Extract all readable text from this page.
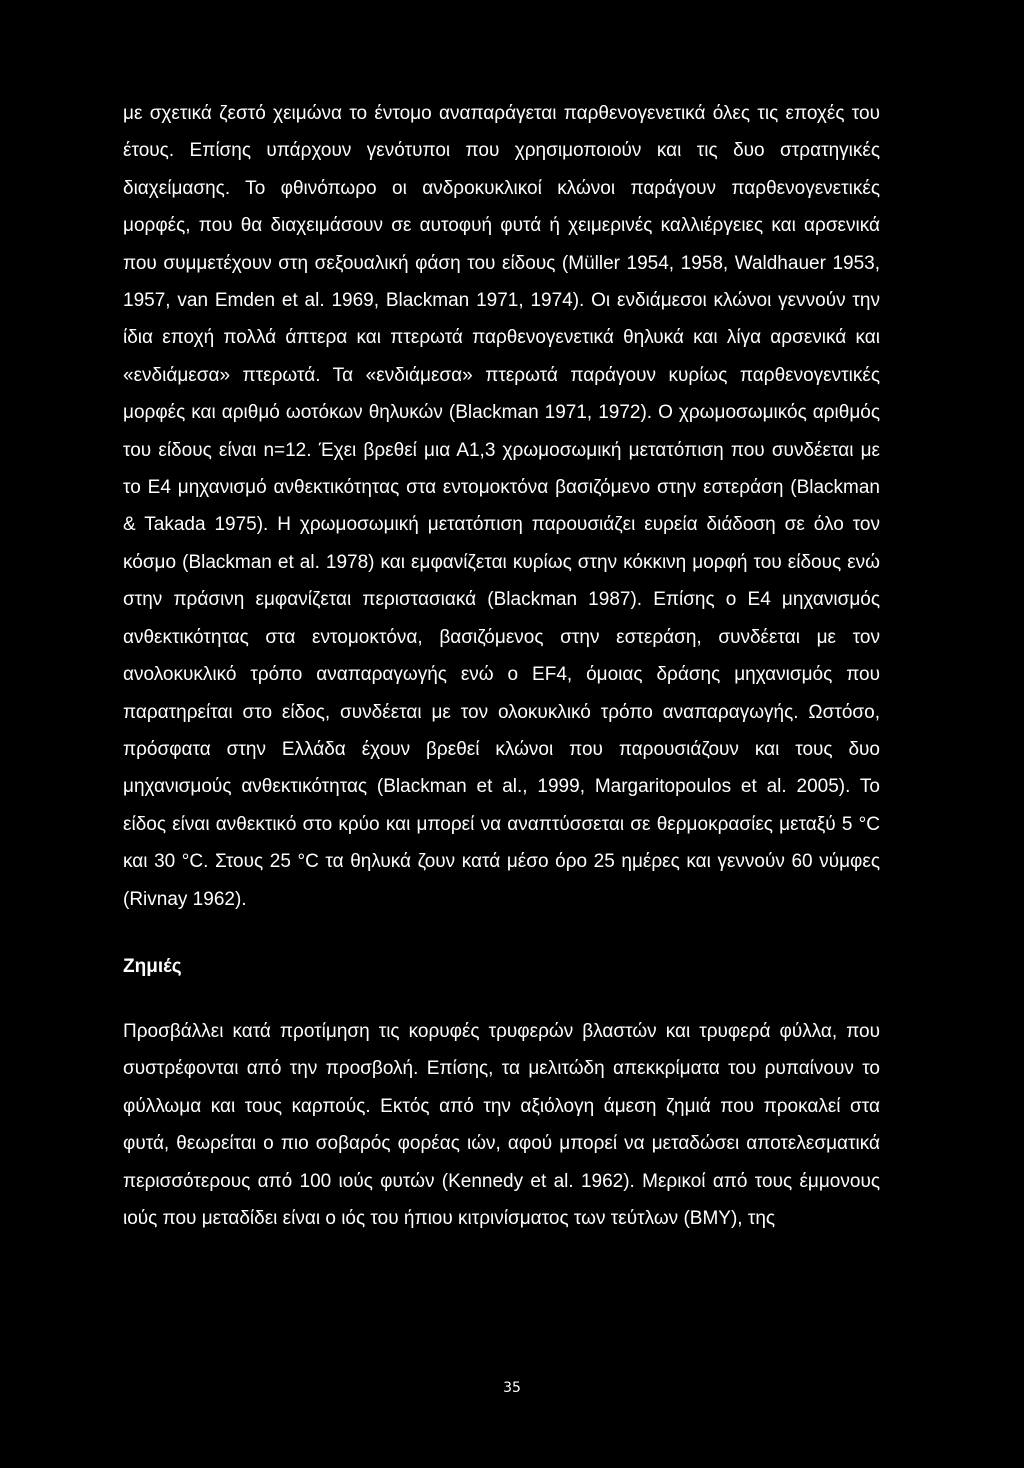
με σχετικά ζεστό χειμώνα το έντομο αναπαράγεται παρθενογενετικά όλες τις εποχές του έτους. Επίσης υπάρχουν γενότυποι που χρησιμοποιούν και τις δυο στρατηγικές διαχείμασης. Το φθινόπωρο οι ανδροκυκλικοί κλώνοι παράγουν παρθενογενετικές μορφές, που θα διαχειμάσουν σε αυτοφυή φυτά ή χειμερινές καλλιέργειες και αρσενικά που συμμετέχουν στη σεξουαλική φάση του είδους (Müller 1954, 1958, Waldhauer 1953, 1957, van Emden et al. 1969, Blackman 1971, 1974). Οι ενδιάμεσοι κλώνοι γεννούν την ίδια εποχή πολλά άπτερα και πτερωτά παρθενογενετικά θηλυκά και λίγα αρσενικά και «ενδιάμεσα» πτερωτά. Τα «ενδιάμεσα» πτερωτά παράγουν κυρίως παρθενογεντικές μορφές και αριθμό ωοτόκων θηλυκών (Blackman 1971, 1972). Ο χρωμοσωμικός αριθμός του είδους είναι n=12. Έχει βρεθεί μια Α1,3 χρωμοσωμική μετατόπιση που συνδέεται με το Ε4 μηχανισμό ανθεκτικότητας στα εντομοκτόνα βασιζόμενο στην εστεράση (Blackman & Takada 1975). Η χρωμοσωμική μετατόπιση παρουσιάζει ευρεία διάδοση σε όλο τον κόσμο (Blackman et al. 1978) και εμφανίζεται κυρίως στην κόκκινη μορφή του είδους ενώ στην πράσινη εμφανίζεται περιστασιακά (Blackman 1987). Επίσης ο Ε4 μηχανισμός ανθεκτικότητας στα εντομοκτόνα, βασιζόμενος στην εστεράση, συνδέεται με τον ανολοκυκλικό τρόπο αναπαραγωγής ενώ ο EF4, όμοιας δράσης μηχανισμός που παρατηρείται στο είδος, συνδέεται με τον ολοκυκλικό τρόπο αναπαραγωγής. Ωστόσο, πρόσφατα στην Ελλάδα έχουν βρεθεί κλώνοι που παρουσιάζουν και τους δυο μηχανισμούς ανθεκτικότητας (Blackman et al., 1999, Margaritopoulos et al. 2005). Το είδος είναι ανθεκτικό στο κρύο και μπορεί να αναπτύσσεται σε θερμοκρασίες μεταξύ 5 °C και 30 °C. Στους 25 °C τα θηλυκά ζουν κατά μέσο όρο 25 ημέρες και γεννούν 60 νύμφες (Rivnay 1962).

Ζημιές

Προσβάλλει κατά προτίμηση τις κορυφές τρυφερών βλαστών και τρυφερά φύλλα, που συστρέφονται από την προσβολή. Επίσης, τα μελιτώδη απεκκρίματα του ρυπαίνουν το φύλλωμα και τους καρπούς. Εκτός από την αξιόλογη άμεση ζημιά που προκαλεί στα φυτά, θεωρείται ο πιο σοβαρός φορέας ιών, αφού μπορεί να μεταδώσει αποτελεσματικά περισσότερους από 100 ιούς φυτών (Kennedy et al. 1962). Μερικοί από τους έμμονους ιούς που μεταδίδει είναι ο ιός του ήπιου κιτρινίσματος των τεύτλων (BMY), της

35
